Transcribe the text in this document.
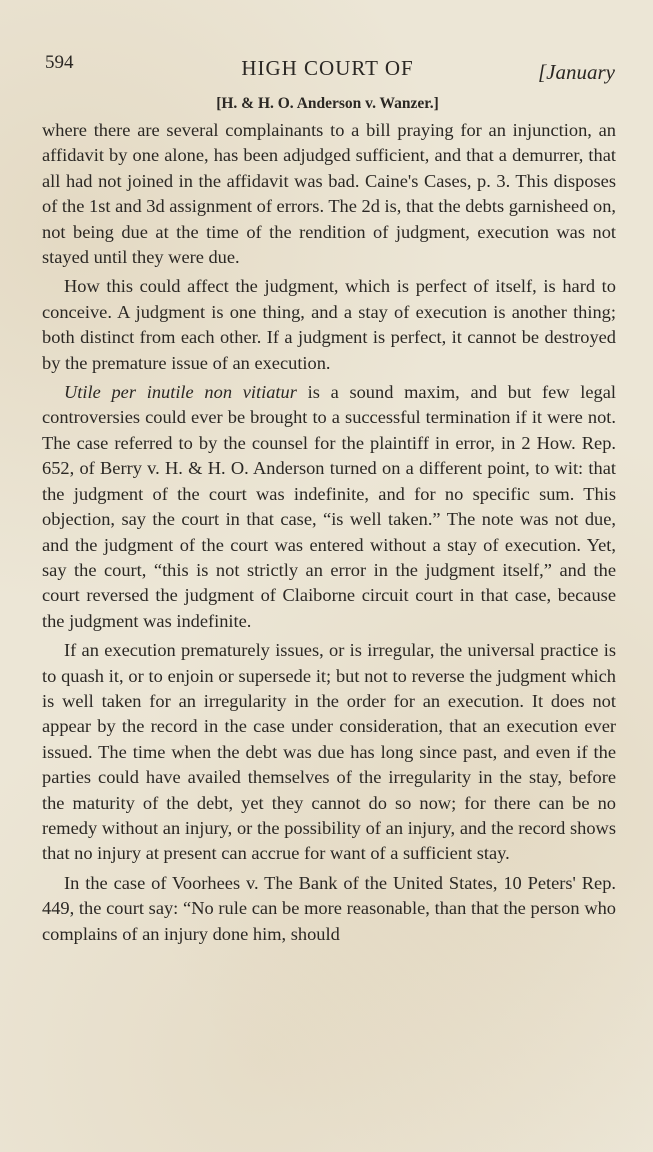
594	HIGH COURT OF	[January
[H. & H. O. Anderson v. Wanzer.]

where there are several complainants to a bill praying for an injunction, an affidavit by one alone, has been adjudged sufficient, and that a demurrer, that all had not joined in the affidavit was bad. Caine's Cases, p. 3. This disposes of the 1st and 3d assignment of errors. The 2d is, that the debts garnisheed on, not being due at the time of the rendition of judgment, execution was not stayed until they were due.

How this could affect the judgment, which is perfect of itself, is hard to conceive. A judgment is one thing, and a stay of execution is another thing; both distinct from each other. If a judgment is perfect, it cannot be destroyed by the premature issue of an execution.

Utile per inutile non vitiatur is a sound maxim, and but few legal controversies could ever be brought to a successful termination if it were not. The case referred to by the counsel for the plaintiff in error, in 2 How. Rep. 652, of Berry v. H. & H. O. Anderson turned on a different point, to wit: that the judgment of the court was indefinite, and for no specific sum. This objection, say the court in that case, “is well taken.” The note was not due, and the judgment of the court was entered without a stay of execution. Yet, say the court, “this is not strictly an error in the judgment itself,” and the court reversed the judgment of Claiborne circuit court in that case, because the judgment was indefinite.

If an execution prematurely issues, or is irregular, the universal practice is to quash it, or to enjoin or supersede it; but not to reverse the judgment which is well taken for an irregularity in the order for an execution. It does not appear by the record in the case under consideration, that an execution ever issued. The time when the debt was due has long since past, and even if the parties could have availed themselves of the irregularity in the stay, before the maturity of the debt, yet they cannot do so now; for there can be no remedy without an injury, or the possibility of an injury, and the record shows that no injury at present can accrue for want of a sufficient stay.

In the case of Voorhees v. The Bank of the United States, 10 Peters' Rep. 449, the court say: “No rule can be more reasonable, than that the person who complains of an injury done him, should
